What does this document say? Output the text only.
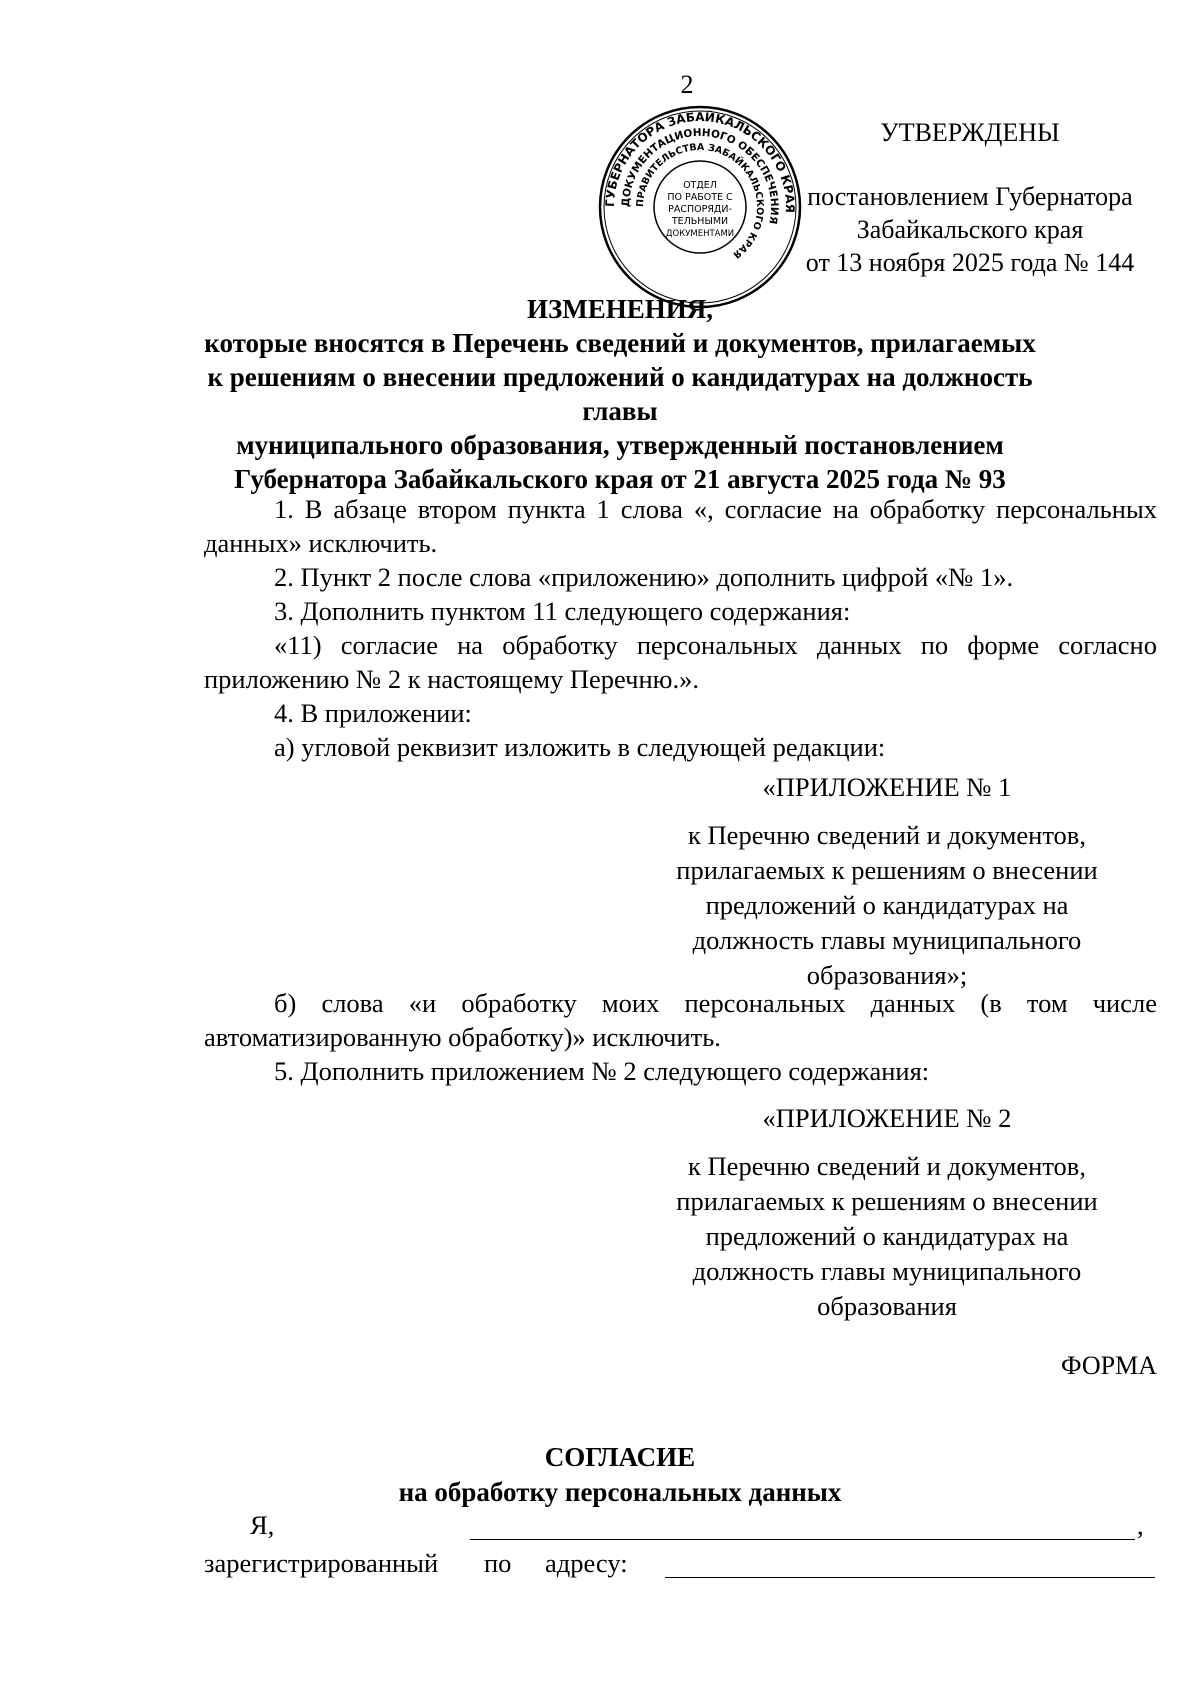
2
УТВЕРЖДЕНЫ
постановлением Губернатора
Забайкальского края
от 13 ноября 2025 года № 144
ГУБЕРНАТОРА ЗАБАЙКАЛЬСКОГО КРАЯ
ДОКУМЕНТАЦИОННОГО ОБЕСПЕЧЕНИЯ
ПРАВИТЕЛЬСТВА ЗАБАЙКАЛЬСКОГО КРАЯ
ОТДЕЛ
ПО РАБОТЕ С
РАСПОРЯДИ-
ТЕЛЬНЫМИ
ДОКУМЕНТАМИ
ИЗМЕНЕНИЯ,
которые вносятся в Перечень сведений и документов, прилагаемых
к решениям о внесении предложений о кандидатурах на должность главы
муниципального образования, утвержденный постановлением
Губернатора Забайкальского края от 21 августа 2025 года № 93

1. В абзаце втором пункта 1 слова «, согласие на обработку персональных данных» исключить.

2. Пункт 2 после слова «приложению» дополнить цифрой «№ 1».

3. Дополнить пунктом 11 следующего содержания:

«11) согласие на обработку персональных данных по форме согласно приложению № 2 к настоящему Перечню.».

4. В приложении:

а) угловой реквизит изложить в следующей редакции:

«ПРИЛОЖЕНИЕ № 1
к Перечню сведений и документов,
прилагаемых к решениям о внесении
предложений о кандидатурах на
должность главы муниципального
образования»;

б) слова «и обработку моих персональных данных (в том числе автоматизированную обработку)» исключить.

5. Дополнить приложением № 2 следующего содержания:

«ПРИЛОЖЕНИЕ № 2
к Перечню сведений и документов,
прилагаемых к решениям о внесении
предложений о кандидатурах на
должность главы муниципального
образования
ФОРМА
СОГЛАСИЕ
на обработку персональных данных
Я,	,
зарегистрированный	по	адресу:
